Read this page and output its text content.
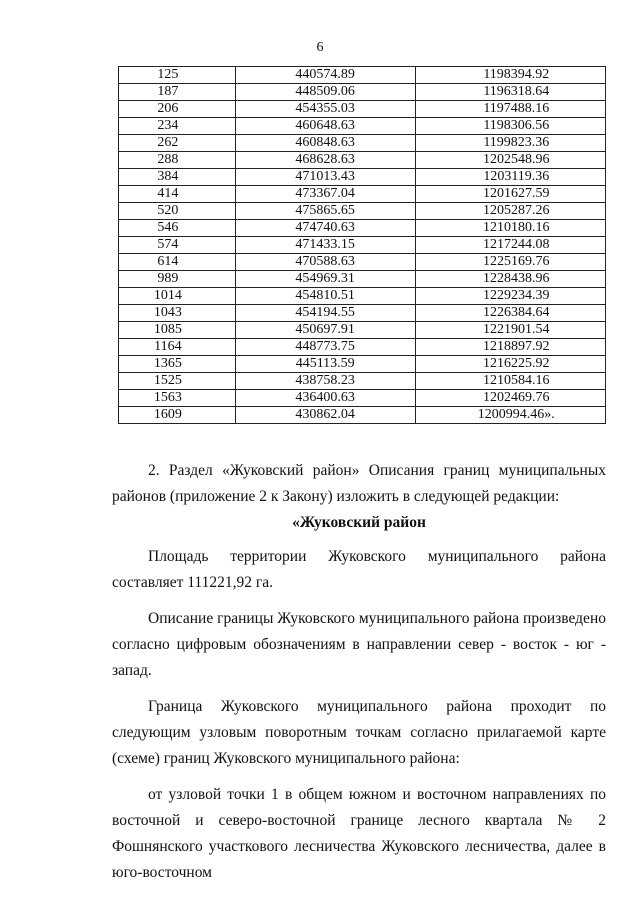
6
125	440574.89	1198394.92
187	448509.06	1196318.64
206	454355.03	1197488.16
234	460648.63	1198306.56
262	460848.63	1199823.36
288	468628.63	1202548.96
384	471013.43	1203119.36
414	473367.04	1201627.59
520	475865.65	1205287.26
546	474740.63	1210180.16
574	471433.15	1217244.08
614	470588.63	1225169.76
989	454969.31	1228438.96
1014	454810.51	1229234.39
1043	454194.55	1226384.64
1085	450697.91	1221901.54
1164	448773.75	1218897.92
1365	445113.59	1216225.92
1525	438758.23	1210584.16
1563	436400.63	1202469.76
1609	430862.04	1200994.46».

2. Раздел «Жуковский район» Описания границ муниципальных районов (приложение 2 к Закону) изложить в следующей редакции:

«Жуковский район

Площадь территории Жуковского муниципального района составляет 111221,92 га.

Описание границы Жуковского муниципального района произведено согласно цифровым обозначениям в направлении север - восток - юг - запад.

Граница Жуковского муниципального района проходит по следующим узловым поворотным точкам согласно прилагаемой карте (схеме) границ Жуковского муниципального района:

от узловой точки 1 в общем южном и восточном направлениях по восточной и северо-восточной границе лесного квартала № 2 Фошнянского участкового лесничества Жуковского лесничества, далее в юго-восточном
